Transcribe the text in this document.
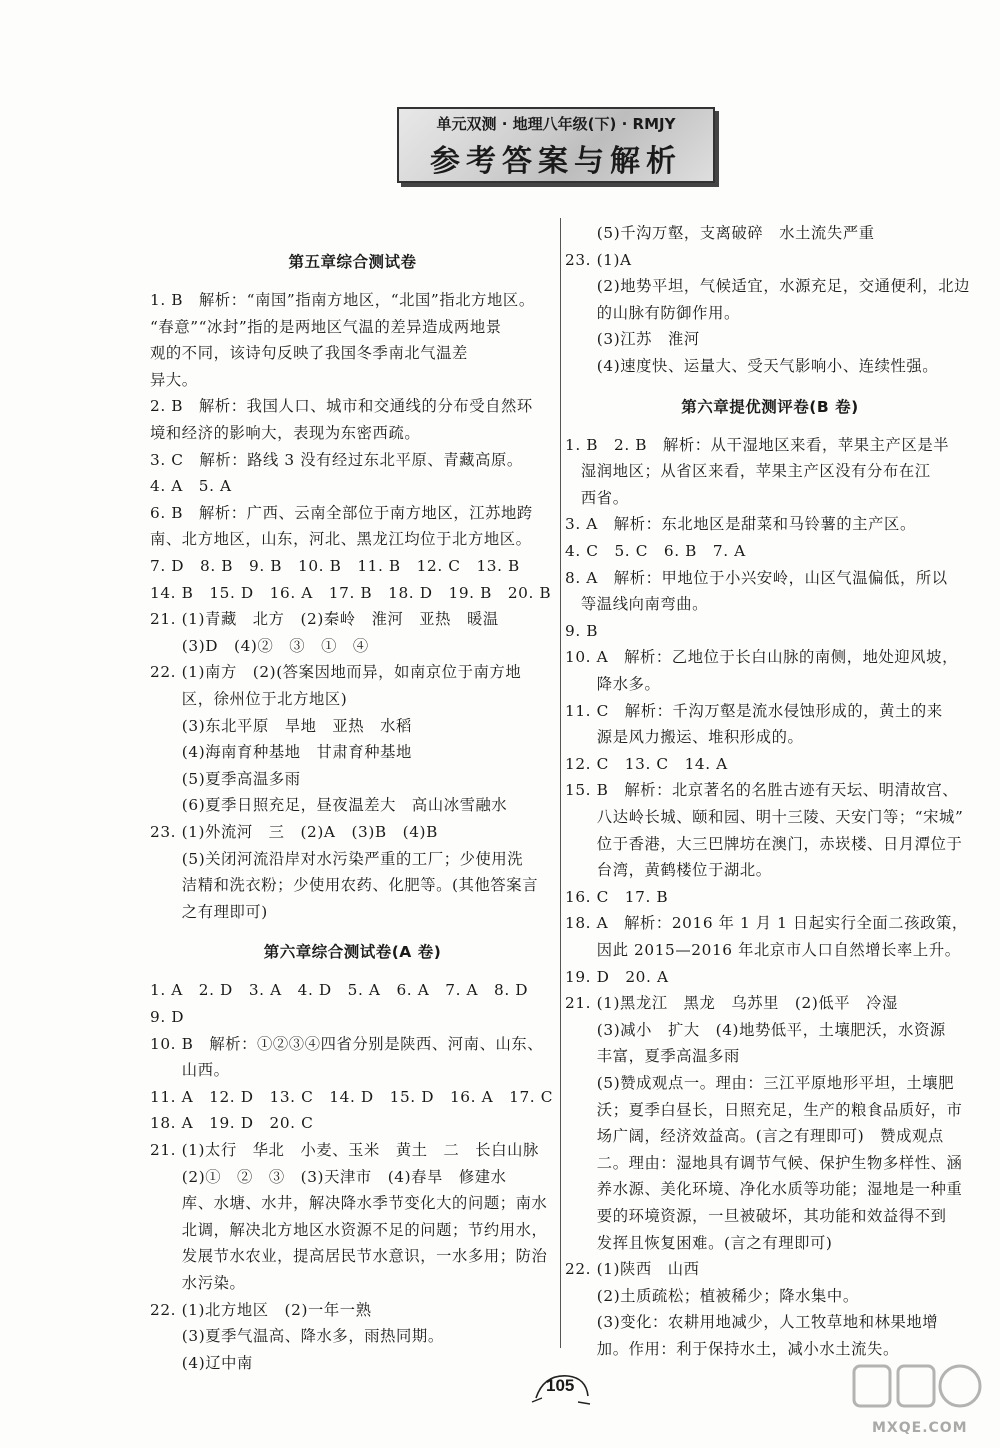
单元双测 · 地理八年级(下) · RMJY
参考答案与解析
第五章综合测试卷
1. B　解析：“南国”指南方地区，“北国”指北方地区。
“春意”“冰封”指的是两地区气温的差异造成两地景
观的不同，该诗句反映了我国冬季南北气温差
异大。
2. B　解析：我国人口、城市和交通线的分布受自然环
境和经济的影响大，表现为东密西疏。
3. C　解析：路线 3 没有经过东北平原、青藏高原。
4. A　5. A
6. B　解析：广西、云南全部位于南方地区，江苏地跨
南、北方地区，山东，河北、黑龙江均位于北方地区。
7. D　8. B　9. B　10. B　11. B　12. C　13. B
14. B　15. D　16. A　17. B　18. D　19. B　20. B
21. (1)青藏　北方　(2)秦岭　淮河　亚热　暖温
　　(3)D　(4)②　③　①　④
22. (1)南方　(2)(答案因地而异，如南京位于南方地
　　区，徐州位于北方地区)
　　(3)东北平原　旱地　亚热　水稻
　　(4)海南育种基地　甘肃育种基地
　　(5)夏季高温多雨
　　(6)夏季日照充足，昼夜温差大　高山冰雪融水
23. (1)外流河　三　(2)A　(3)B　(4)B
　　(5)关闭河流沿岸对水污染严重的工厂；少使用洗
　　洁精和洗衣粉；少使用农药、化肥等。(其他答案言
　　之有理即可)
第六章综合测试卷(A 卷)
1. A　2. D　3. A　4. D　5. A　6. A　7. A　8. D
9. D
10. B　解析：①②③④四省分别是陕西、河南、山东、
　　山西。
11. A　12. D　13. C　14. D　15. D　16. A　17. C
18. A　19. D　20. C
21. (1)太行　华北　小麦、玉米　黄土　二　长白山脉
　　(2)①　②　③　(3)天津市　(4)春旱　修建水
　　库、水塘、水井，解决降水季节变化大的问题；南水
　　北调，解决北方地区水资源不足的问题；节约用水，
　　发展节水农业，提高居民节水意识，一水多用；防治
　　水污染。
22. (1)北方地区　(2)一年一熟
　　(3)夏季气温高、降水多，雨热同期。
　　(4)辽中南
　　(5)千沟万壑，支离破碎　水土流失严重
23. (1)A
　　(2)地势平坦，气候适宜，水源充足，交通便利，北边
　　的山脉有防御作用。
　　(3)江苏　淮河
　　(4)速度快、运量大、受天气影响小、连续性强。
第六章提优测评卷(B 卷)
1. B　2. B　解析：从干湿地区来看，苹果主产区是半
　湿润地区；从省区来看，苹果主产区没有分布在江
　西省。
3. A　解析：东北地区是甜菜和马铃薯的主产区。
4. C　5. C　6. B　7. A
8. A　解析：甲地位于小兴安岭，山区气温偏低，所以
　等温线向南弯曲。
9. B
10. A　解析：乙地位于长白山脉的南侧，地处迎风坡，
　　降水多。
11. C　解析：千沟万壑是流水侵蚀形成的，黄土的来
　　源是风力搬运、堆积形成的。
12. C　13. C　14. A
15. B　解析：北京著名的名胜古迹有天坛、明清故宫、
　　八达岭长城、颐和园、明十三陵、天安门等；“宋城”
　　位于香港，大三巴牌坊在澳门，赤崁楼、日月潭位于
　　台湾，黄鹤楼位于湖北。
16. C　17. B
18. A　解析：2016 年 1 月 1 日起实行全面二孩政策，
　　因此 2015—2016 年北京市人口自然增长率上升。
19. D　20. A
21. (1)黑龙江　黑龙　乌苏里　(2)低平　冷湿
　　(3)减小　扩大　(4)地势低平，土壤肥沃，水资源
　　丰富，夏季高温多雨
　　(5)赞成观点一。理由：三江平原地形平坦，土壤肥
　　沃；夏季白昼长，日照充足，生产的粮食品质好，市
　　场广阔，经济效益高。(言之有理即可)　赞成观点
　　二。理由：湿地具有调节气候、保护生物多样性、涵
　　养水源、美化环境、净化水质等功能；湿地是一种重
　　要的环境资源，一旦被破坏，其功能和效益得不到
　　发挥且恢复困难。(言之有理即可)
22. (1)陕西　山西
　　(2)土质疏松；植被稀少；降水集中。
　　(3)变化：农耕用地减少，人工牧草地和林果地增
　　加。作用：利于保持水土，减小水土流失。
105
MXQE.COM
